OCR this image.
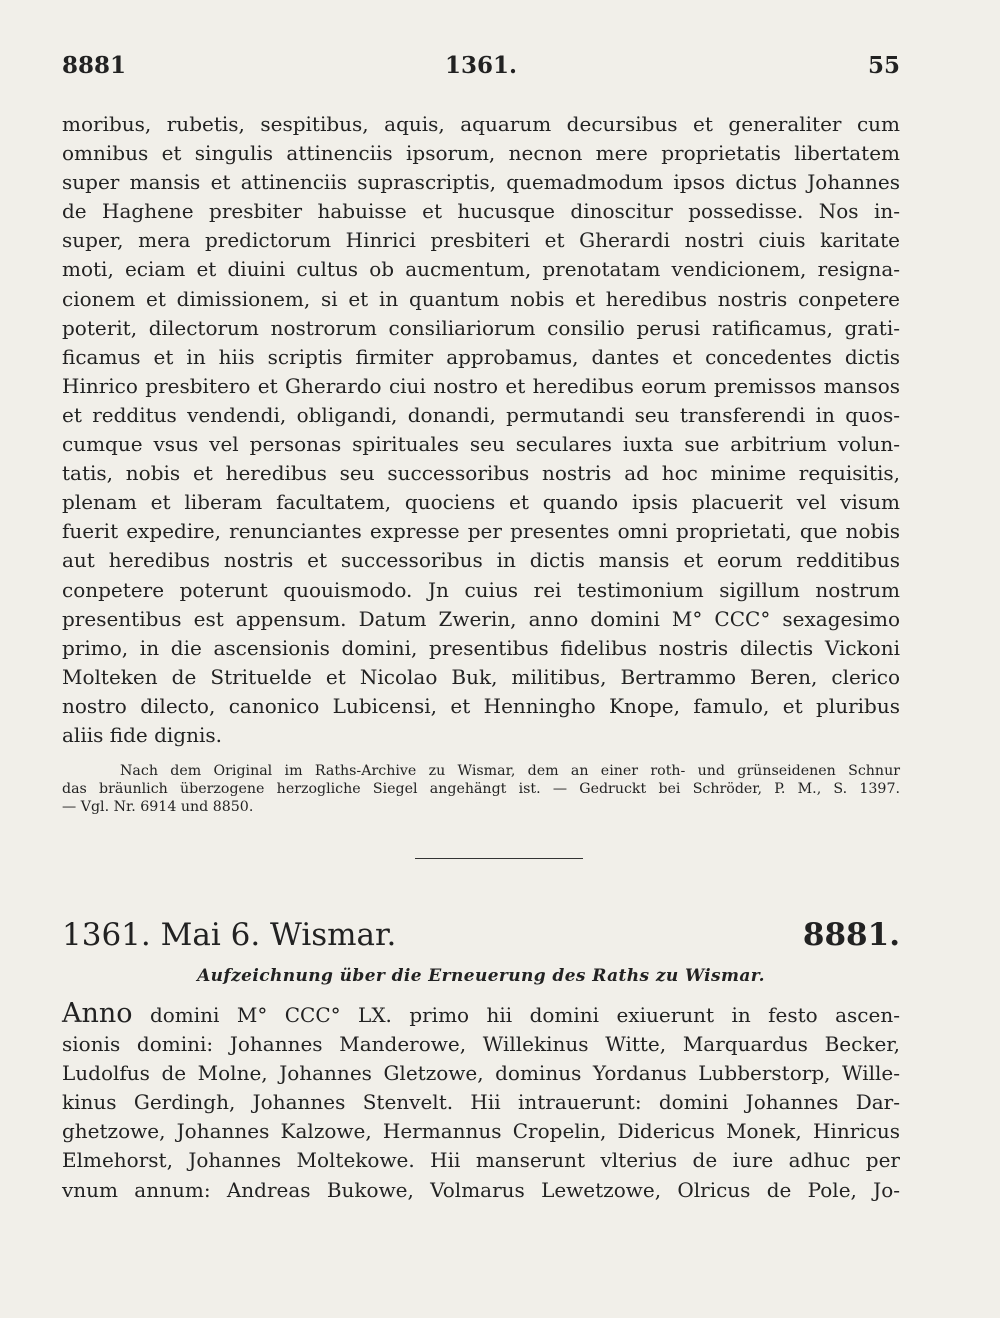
8881	1361.	55
moribus, rubetis, sespitibus, aquis, aquarum decursibus et generaliter cum
omnibus et singulis attinenciis ipsorum, necnon mere proprietatis libertatem
super mansis et attinenciis suprascriptis, quemadmodum ipsos dictus Johannes
de Haghene presbiter habuisse et hucusque dinoscitur possedisse. Nos in-
super, mera predictorum Hinrici presbiteri et Gherardi nostri ciuis karitate
moti, eciam et diuini cultus ob aucmentum, prenotatam vendicionem, resigna-
cionem et dimissionem, si et in quantum nobis et heredibus nostris conpetere
poterit, dilectorum nostrorum consiliariorum consilio perusi ratificamus, grati-
ficamus et in hiis scriptis firmiter approbamus, dantes et concedentes dictis
Hinrico presbitero et Gherardo ciui nostro et heredibus eorum premissos mansos
et redditus vendendi, obligandi, donandi, permutandi seu transferendi in quos-
cumque vsus vel personas spirituales seu seculares iuxta sue arbitrium volun-
tatis, nobis et heredibus seu successoribus nostris ad hoc minime requisitis,
plenam et liberam facultatem, quociens et quando ipsis placuerit vel visum
fuerit expedire, renunciantes expresse per presentes omni proprietati, que nobis
aut heredibus nostris et successoribus in dictis mansis et eorum redditibus
conpetere poterunt quouismodo. Jn cuius rei testimonium sigillum nostrum
presentibus est appensum. Datum Zwerin, anno domini M° CCC° sexagesimo
primo, in die ascensionis domini, presentibus fidelibus nostris dilectis Vickoni
Molteken de Strituelde et Nicolao Buk, militibus, Bertrammo Beren, clerico
nostro dilecto, canonico Lubicensi, et Henningho Knope, famulo, et pluribus
aliis fide dignis.
Nach dem Original im Raths-Archive zu Wismar, dem an einer roth- und grünseidenen Schnur
das bräunlich überzogene herzogliche Siegel angehängt ist. — Gedruckt bei Schröder, P. M., S. 1397.
— Vgl. Nr. 6914 und 8850.
1361. Mai 6. Wismar.	8881.
Aufzeichnung über die Erneuerung des Raths zu Wismar.
Anno domini M° CCC° LX. primo hii domini exiuerunt in festo ascen-
sionis domini: Johannes Manderowe, Willekinus Witte, Marquardus Becker,
Ludolfus de Molne, Johannes Gletzowe, dominus Yordanus Lubberstorp, Wille-
kinus Gerdingh, Johannes Stenvelt. Hii intrauerunt: domini Johannes Dar-
ghetzowe, Johannes Kalzowe, Hermannus Cropelin, Didericus Monek, Hinricus
Elmehorst, Johannes Moltekowe. Hii manserunt vlterius de iure adhuc per
vnum annum: Andreas Bukowe, Volmarus Lewetzowe, Olricus de Pole, Jo-
